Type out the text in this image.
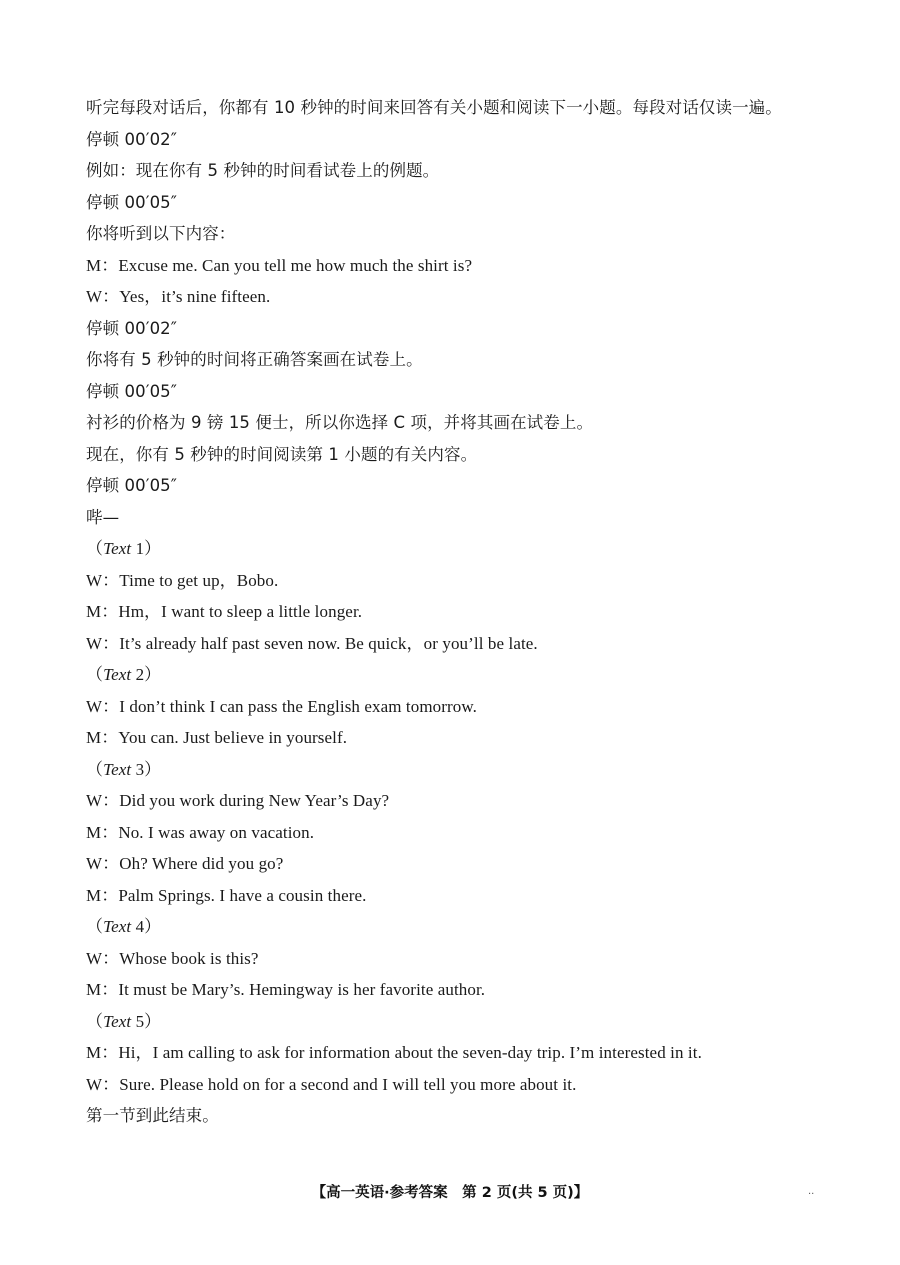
听完每段对话后，你都有 10 秒钟的时间来回答有关小题和阅读下一小题。每段对话仅读一遍。
停顿 00′02″
例如：现在你有 5 秒钟的时间看试卷上的例题。
停顿 00′05″
你将听到以下内容：
M：Excuse me. Can you tell me how much the shirt is?
W：Yes，it’s nine fifteen.
停顿 00′02″
你将有 5 秒钟的时间将正确答案画在试卷上。
停顿 00′05″
衬衫的价格为 9 镑 15 便士，所以你选择 C 项，并将其画在试卷上。
现在，你有 5 秒钟的时间阅读第 1 小题的有关内容。
停顿 00′05″
哔—
（Text 1）
W：Time to get up，Bobo.
M：Hm，I want to sleep a little longer.
W：It’s already half past seven now. Be quick，or you’ll be late.
（Text 2）
W：I don’t think I can pass the English exam tomorrow.
M：You can. Just believe in yourself.
（Text 3）
W：Did you work during New Year’s Day?
M：No. I was away on vacation.
W：Oh? Where did you go?
M：Palm Springs. I have a cousin there.
（Text 4）
W：Whose book is this?
M：It must be Mary’s. Hemingway is her favorite author.
（Text 5）
M：Hi，I am calling to ask for information about the seven-day trip. I’m interested in it.
W：Sure. Please hold on for a second and I will tell you more about it.
第一节到此结束。
【高一英语·参考答案　第 2 页(共 5 页)】	..
